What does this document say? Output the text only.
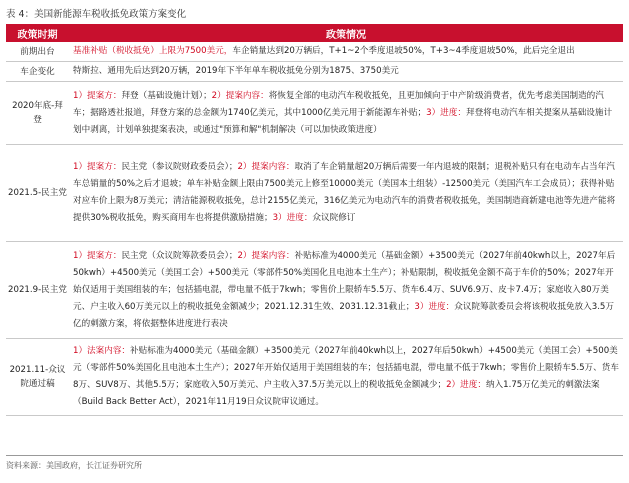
表 4：美国新能源车税收抵免政策方案变化
政策时期	政策情况
前期出台	基准补贴（税收抵免）上限为7500美元，车企销量达到20万辆后，T+1~2个季度退坡50%，T+3~4季度退坡50%，此后完全退出
车企变化	特斯拉、通用先后达到20万辆，2019年下半年单车税收抵免分别为1875、3750美元
2020年底-拜登	1）提案方：拜登（基础设施计划）；2）提案内容：将恢复全部的电动汽车税收抵免，且更加倾向于中产阶级消费者，优先考虑美国制造的汽车；据路透社报道，拜登方案的总金额为1740亿美元，其中1000亿美元用于新能源车补贴；3）进度：拜登将电动汽车相关提案从基础设施计划中剥离，计划单独提案表决，或通过"预算和解"机制解决（可以加快政策进度）
2021.5-民主党	1）提案方：民主党（参议院财政委员会）；2）提案内容：取消了车企销量超20万辆后需要一年内退坡的限制；退税补贴只有在电动车占当年汽车总销量的50%之后才退坡；单车补贴金额上限由7500美元上修至10000美元（美国本土组装）-12500美元（美国汽车工会成员）；获得补贴对应车价上限为8万美元；清洁能源税收抵免，总计2155亿美元，316亿美元为电动汽车的消费者税收抵免，美国制造商新建电池等先进产能将提供30%税收抵免，购买商用车也将提供激励措施；3）进度：众议院修订
2021.9-民主党	1）提案方：民主党（众议院筹款委员会）；2）提案内容：补贴标准为4000美元（基础金额）+3500美元（2027年前40kwh以上，2027年后50kwh）+4500美元（美国工会）+500美元（零部件50%美国化且电池本土生产）；补贴限制，税收抵免金额不高于车价的50%；2027年开始仅适用于美国组装的车；包括插电混，带电量不低于7kwh；零售价上限轿车5.5万、货车6.4万、SUV6.9万、皮卡7.4万；家庭收入80万美元、户主收入60万美元以上的税收抵免金额减少；2021.12.31生效、2031.12.31截止；3）进度：众议院筹款委员会将该税收抵免放入3.5万亿的刺激方案，将依据整体进度进行表决
2021.11-众议院通过稿	1）法案内容：补贴标准为4000美元（基础金额）+3500美元（2027年前40kwh以上，2027年后50kwh）+4500美元（美国工会）+500美元（零部件50%美国化且电池本土生产）；2027年开始仅适用于美国组装的车；包括插电混，带电量不低于7kwh；零售价上限轿车5.5万、货车8万、SUV8万、其他5.5万；家庭收入50万美元、户主收入37.5万美元以上的税收抵免金额减少；2）进度：纳入1.75万亿美元的刺激法案（Build Back Better Act），2021年11月19日众议院审议通过。
资料来源：美国政府，长江证券研究所
